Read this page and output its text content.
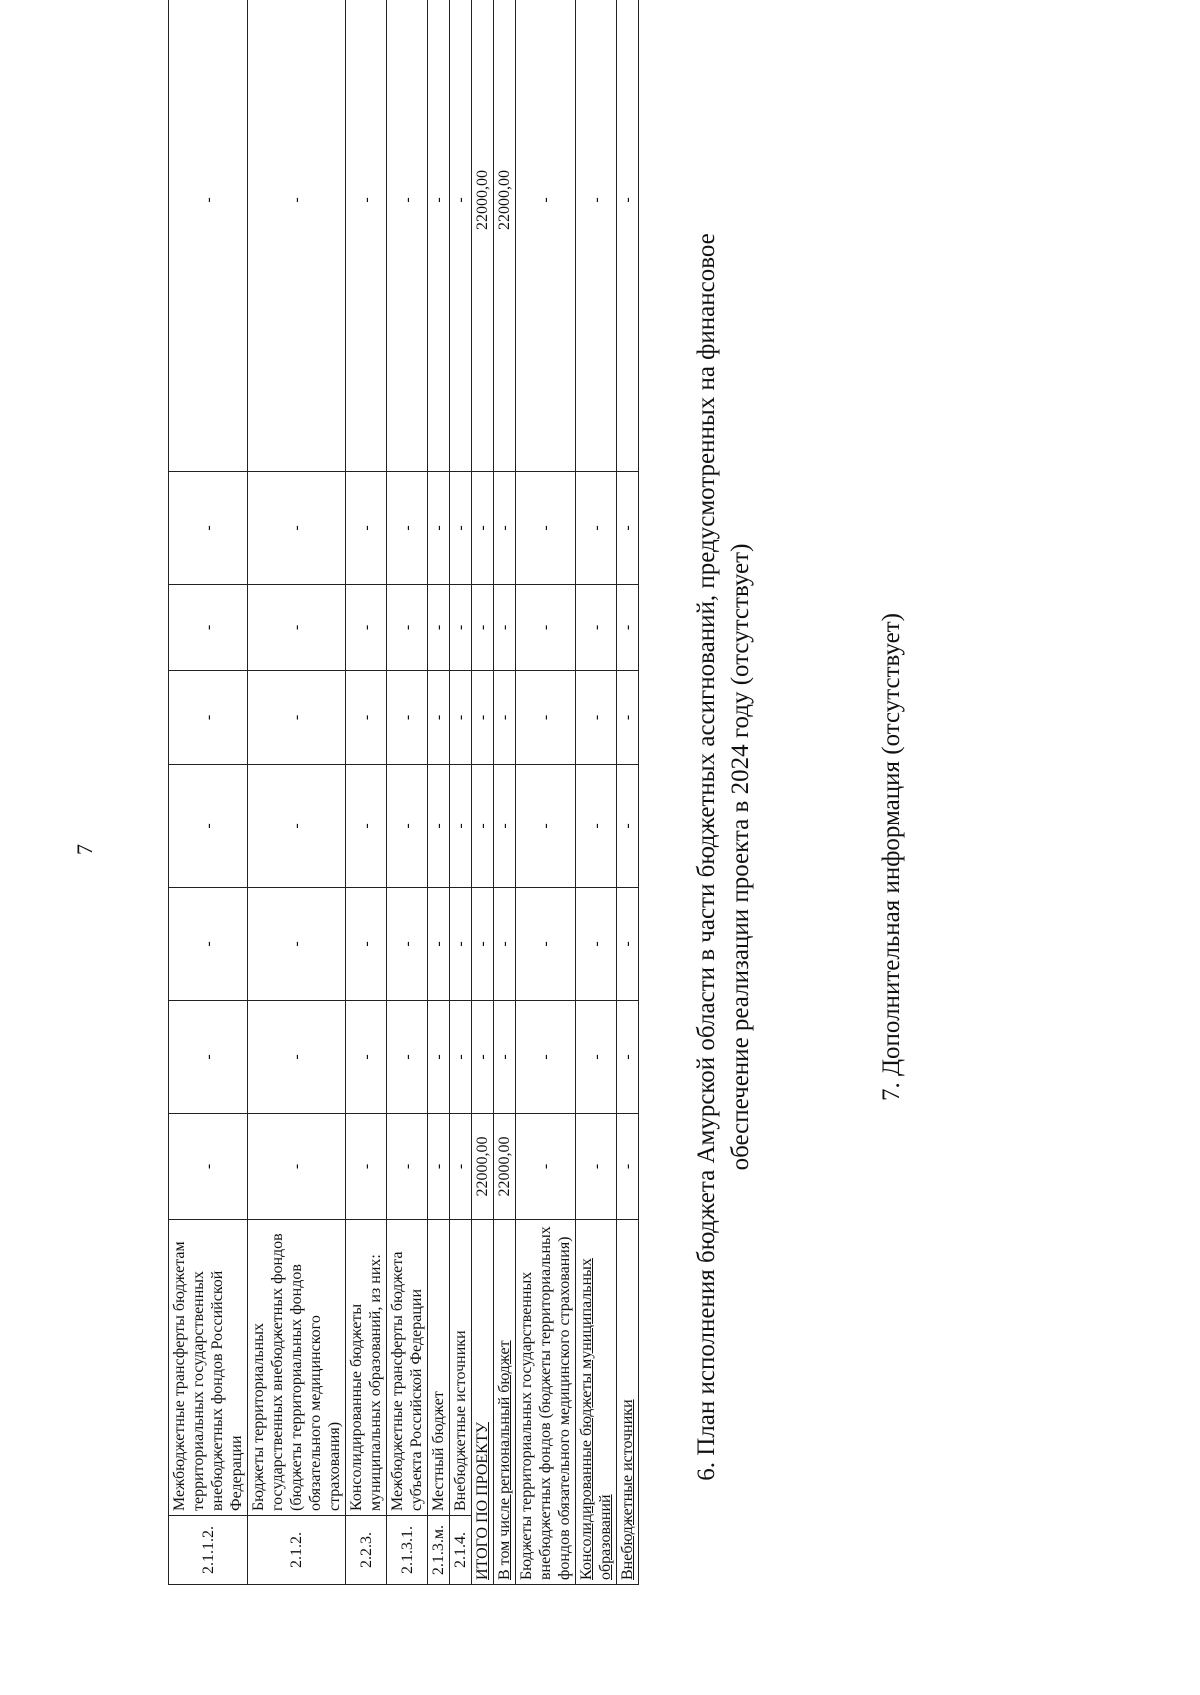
7
2.1.1.2.	Межбюджетные трансферты бюджетам территориальных государственных внебюджетных фондов Российской Федерации	-	-	-	-	-	-	-	-
2.1.2.	Бюджеты территориальных государственных внебюджетных фондов (бюджеты территориальных фондов обязательного медицинского страхования)	-	-	-	-	-	-	-	-
2.2.3.	Консолидированные бюджеты муниципальных образований, из них:	-	-	-	-	-	-	-	-
2.1.3.1.	Межбюджетные трансферты бюджета субъекта Российской Федерации	-	-	-	-	-	-	-	-
2.1.3.м.	Местный бюджет	-	-	-	-	-	-	-	-
2.1.4.	Внебюджетные источники	-	-	-	-	-	-	-	-
ИТОГО ПО ПРОЕКТУ		22000,00	-	-	-	-	-	-	22000,00
В том числе региональный бюджет		22000,00	-	-	-	-	-	-	22000,00
Бюджеты территориальных государственных внебюджетных фондов (бюджеты территориальных фондов обязательного медицинского страхования)		-	-	-	-	-	-	-	-
Консолидированные бюджеты муниципальных образований		-	-	-	-	-	-	-	-
Внебюджетные источники		-	-	-	-	-	-	-	-
6. План исполнения бюджета Амурской области в части бюджетных ассигнований, предусмотренных на финансовое обеспечение реализации проекта в 2024 году (отсутствует)	7. Дополнительная информация (отсутствует)
